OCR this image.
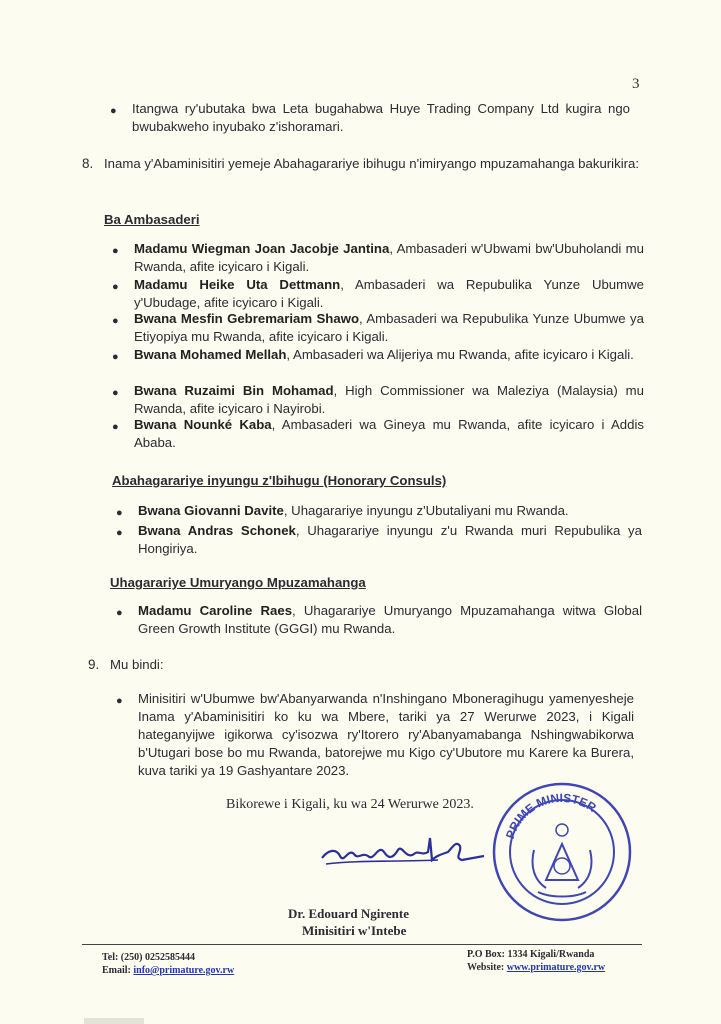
3
● Itangwa ry'ubutaka bwa Leta bugahabwa Huye Trading Company Ltd kugira ngo bwubakweho inyubako z'ishoramari.
8. Inama y'Abaminisitiri yemeje Abahagarariye ibihugu n'imiryango mpuzamahanga bakurikira:
Ba Ambasaderi
● Madamu Wiegman Joan Jacobje Jantina, Ambasaderi w'Ubwami bw'Ubuholandi mu Rwanda, afite icyicaro i Kigali.
● Madamu Heike Uta Dettmann, Ambasaderi wa Repubulika Yunze Ubumwe y'Ubudage, afite icyicaro i Kigali.
● Bwana Mesfin Gebremariam Shawo, Ambasaderi wa Repubulika Yunze Ubumwe ya Etiyopiya mu Rwanda, afite icyicaro i Kigali.
● Bwana Mohamed Mellah, Ambasaderi wa Alijeriya mu Rwanda, afite icyicaro i Kigali.
● Bwana Ruzaimi Bin Mohamad, High Commissioner wa Maleziya (Malaysia) mu Rwanda, afite icyicaro i Nayirobi.
● Bwana Nounké Kaba, Ambasaderi wa Gineya mu Rwanda, afite icyicaro i Addis Ababa.
Abahagarariye inyungu z'Ibihugu (Honorary Consuls)
● Bwana Giovanni Davite, Uhagarariye inyungu z'Ubutaliyani mu Rwanda.
● Bwana Andras Schonek, Uhagarariye inyungu z'u Rwanda muri Repubulika ya Hongiriya.
Uhagarariye Umuryango Mpuzamahanga
● Madamu Caroline Raes, Uhagarariye Umuryango Mpuzamahanga witwa Global Green Growth Institute (GGGI) mu Rwanda.
9. Mu bindi:
● Minisitiri w'Ubumwe bw'Abanyarwanda n'Inshingano Mboneragihugu yamenyesheje Inama y'Abaminisitiri ko ku wa Mbere, tariki ya 27 Werurwe 2023, i Kigali hateganyijwe igikorwa cy'isozwa ry'Itorero ry'Abanyamabanga Nshingwabikorwa b'Utugari bose bo mu Rwanda, batorejwe mu Kigo cy'Ubutore mu Karere ka Burera, kuva tariki ya 19 Gashyantare 2023.
Bikorewe i Kigali, ku wa 24 Werurwe 2023.
PRIME MINISTER
Dr. Edouard Ngirente
Minisitiri w'Intebe
Tel: (250) 0252585444
Email: info@primature.gov.rw
P.O Box: 1334 Kigali/Rwanda
Website: www.primature.gov.rw
